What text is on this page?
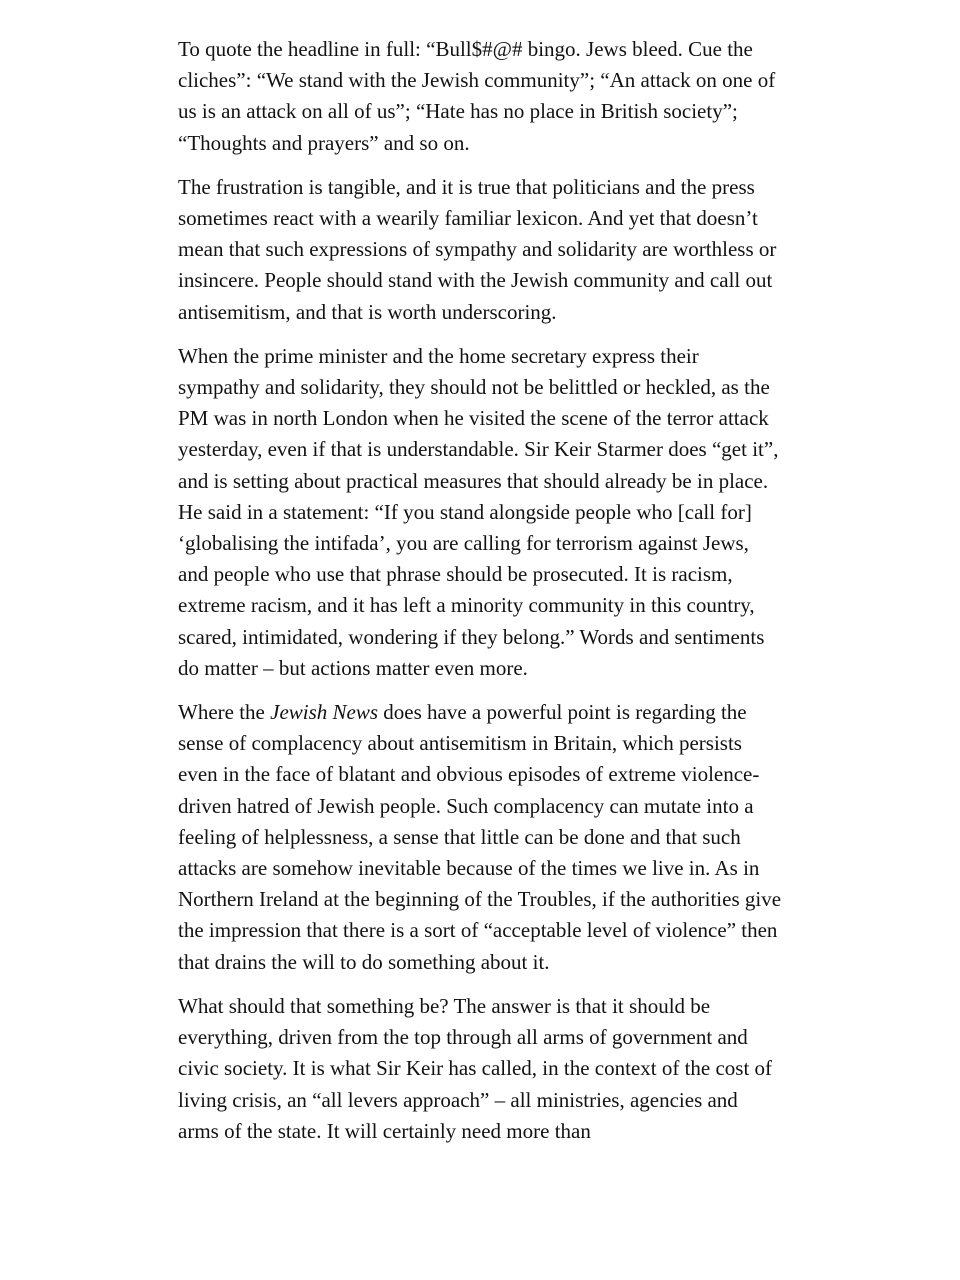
To quote the headline in full: “Bull$#@# bingo. Jews bleed. Cue the cliches”: “We stand with the Jewish community”; “An attack on one of us is an attack on all of us”; “Hate has no place in British society”; “Thoughts and prayers” and so on.

The frustration is tangible, and it is true that politicians and the press sometimes react with a wearily familiar lexicon. And yet that doesn’t mean that such expressions of sympathy and solidarity are worthless or insincere. People should stand with the Jewish community and call out antisemitism, and that is worth underscoring.

When the prime minister and the home secretary express their sympathy and solidarity, they should not be belittled or heckled, as the PM was in north London when he visited the scene of the terror attack yesterday, even if that is understandable. Sir Keir Starmer does “get it”, and is setting about practical measures that should already be in place. He said in a statement: “If you stand alongside people who [call for] ‘globalising the intifada’, you are calling for terrorism against Jews, and people who use that phrase should be prosecuted. It is racism, extreme racism, and it has left a minority community in this country, scared, intimidated, wondering if they belong.” Words and sentiments do matter – but actions matter even more.

Where the Jewish News does have a powerful point is regarding the sense of complacency about antisemitism in Britain, which persists even in the face of blatant and obvious episodes of extreme violence-driven hatred of Jewish people. Such complacency can mutate into a feeling of helplessness, a sense that little can be done and that such attacks are somehow inevitable because of the times we live in. As in Northern Ireland at the beginning of the Troubles, if the authorities give the impression that there is a sort of “acceptable level of violence” then that drains the will to do something about it.

What should that something be? The answer is that it should be everything, driven from the top through all arms of government and civic society. It is what Sir Keir has called, in the context of the cost of living crisis, an “all levers approach” – all ministries, agencies and arms of the state. It will certainly need more than
